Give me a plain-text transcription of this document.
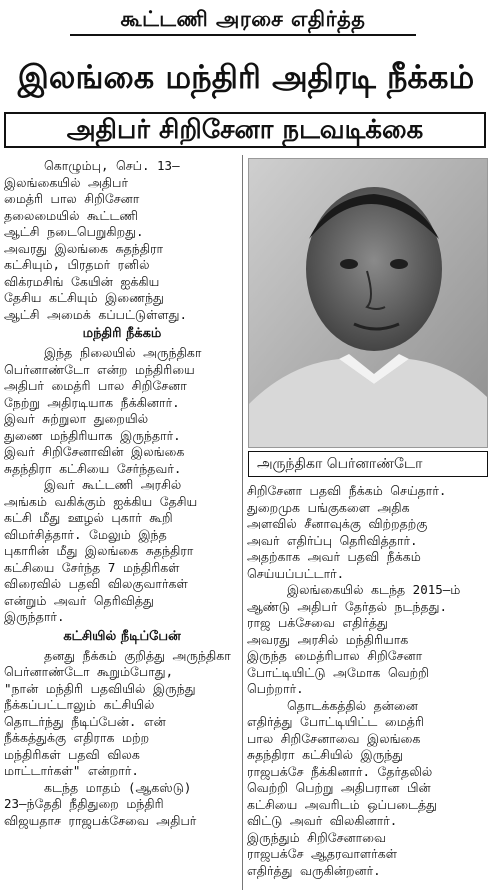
கூட்டணி அரசை எதிர்த்த
இலங்கை மந்திரி அதிரடி நீக்கம்
அதிபர் சிறிசேனா நடவடிக்கை
கொழும்பு, செப். 13–
இலங்கையில் அதிபர்
மைத்ரி பால சிறிசேனா
தலைமையில் கூட்டணி
ஆட்சி நடைபெறுகிறது.
அவரது இலங்கை சுதந்திரா
கட்சியும், பிரதமர் ரனில்
விக்ரமசிங் கேயின் ஐக்கிய
தேசிய கட்சியும் இணைந்து
ஆட்சி அமைக் கப்பட்டுள்ளது.
மந்திரி நீக்கம்
இந்த நிலையில் அருந்திகா
பெர்னாண்டோ என்ற மந்திரியை
அதிபர் மைத்ரி பால சிறிசேனா
நேற்று அதிரடியாக நீக்கினார்.
இவர் சுற்றுலா துறையில்
துணை மந்திரியாக இருந்தார்.
இவர் சிறிசேனாவின் இலங்கை
சுதந்திரா கட்சியை சேர்ந்தவர்.
இவர் கூட்டணி அரசில்
அங்கம் வகிக்கும் ஐக்கிய தேசிய
கட்சி மீது ஊழல் புகார் கூறி
விமர்சித்தார். மேலும் இந்த
புகாரின் மீது இலங்கை சுதந்திரா
கட்சியை சேர்ந்த 7 மந்திரிகள்
விரைவில் பதவி விலகுவார்கள்
என்றும் அவர் தெரிவித்து
இருந்தார்.
கட்சியில் நீடிப்பேன்
தனது நீக்கம் குறித்து அருந்திகா
பெர்னாண்டோ கூறும்போது,
"நான் மந்திரி பதவியில் இருந்து
நீக்கப்பட்டாலும் கட்சியில்
தொடர்ந்து நீடிப்பேன். என்
நீக்கத்துக்கு எதிராக மற்ற
மந்திரிகள் பதவி விலக
மாட்டார்கள்" என்றார்.
கடந்த மாதம் (ஆகஸ்டு)
23–ந்தேதி நீதிதுறை மந்திரி
விஜயதாச ராஜபக்சேவை அதிபர்
அருந்திகா பெர்னாண்டோ
சிறிசேனா பதவி நீக்கம் செய்தார்.
துறைமுக பங்குகளை அதிக
அளவில் சீனாவுக்கு விற்றதற்கு
அவர் எதிர்ப்பு தெரிவித்தார்.
அதற்காக அவர் பதவி நீக்கம்
செய்யப்பட்டார்.
இலங்கையில் கடந்த 2015–ம்
ஆண்டு அதிபர் தேர்தல் நடந்தது.
ராஜ பக்சேவை எதிர்த்து
அவரது அரசில் மந்திரியாக
இருந்த மைத்ரிபால சிறிசேனா
போட்டியிட்டு அமோக வெற்றி
பெற்றார்.
தொடக்கத்தில் தன்னை
எதிர்த்து போட்டியிட்ட மைத்ரி
பால சிறிசேனாவை இலங்கை
சுதந்திரா கட்சியில் இருந்து
ராஜபக்சே நீக்கினார். தேர்தலில்
வெற்றி பெற்று அதிபரான பின்
கட்சியை அவரிடம் ஒப்படைத்து
விட்டு அவர் விலகினார்.
இருந்தும் சிறிசேனாவை
ராஜபக்சே ஆதரவாளர்கள்
எதிர்த்து வருகின்றனர்.
